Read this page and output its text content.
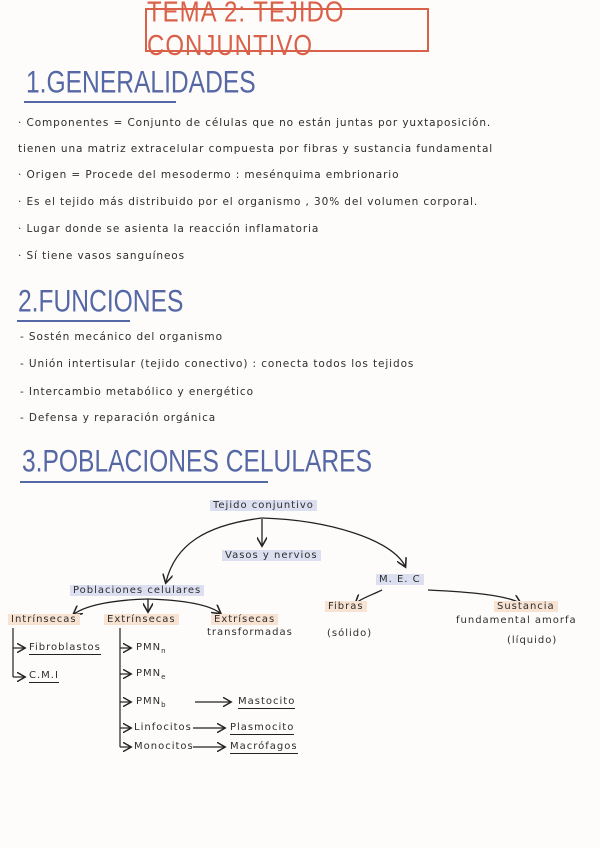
TEMA 2: TEJIDO CONJUNTIVO
1.GENERALIDADES
· Componentes = Conjunto de células que no están juntas por yuxtaposición.
tienen una matriz extracelular compuesta por fibras y sustancia fundamental
· Origen = Procede del mesodermo : mesénquima embrionario
· Es el tejido más distribuido por el organismo , 30% del volumen corporal.
· Lugar donde se asienta la reacción inflamatoria
· Sí tiene vasos sanguíneos
2.FUNCIONES
- Sostén mecánico del organismo
- Unión intertisular (tejido conectivo) : conecta todos los tejidos
- Intercambio metabólico y energético
- Defensa y reparación orgánica
3.POBLACIONES CELULARES
Tejido conjuntivo
Vasos y nervios
Poblaciones celulares
M. E. C
Intrínsecas	Extrínsecas	Extrísecas
transformadas
Fibras
(sólido)
Sustancia
fundamental amorfa
(líquido)
Fibroblastos
C.M.I
$PMN_n$
$PMN_e$
$PMN_b$
Linfocitos
Monocitos
Mastocito
Plasmocito
Macrófagos
